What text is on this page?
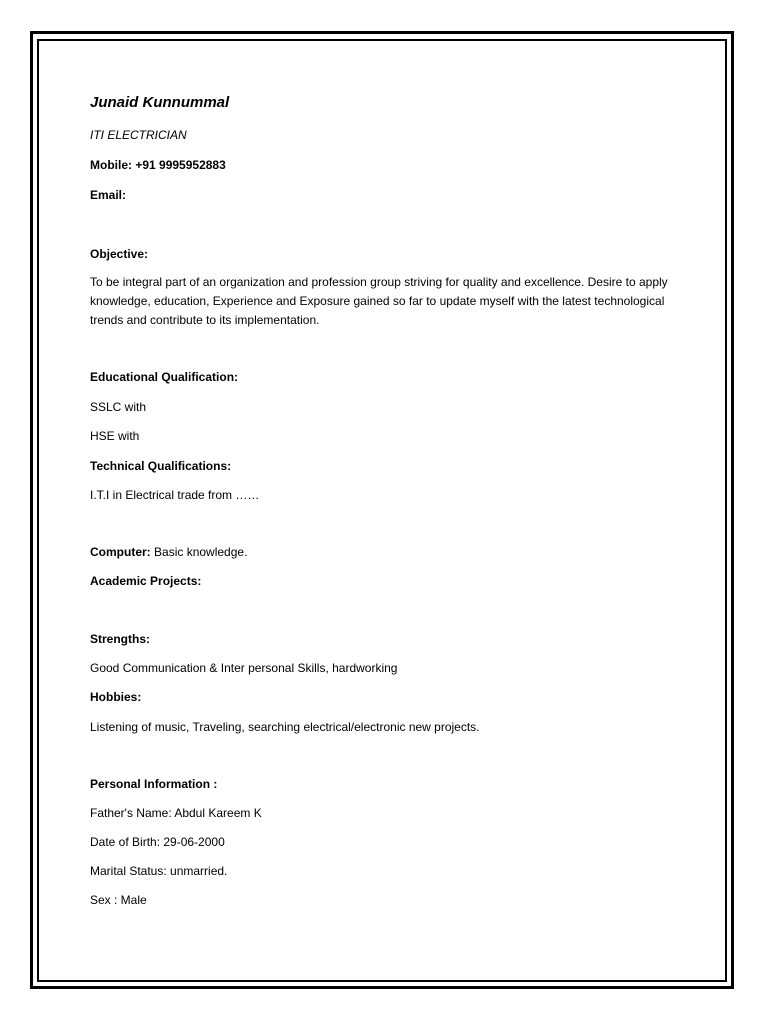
Junaid Kunnummal
ITI ELECTRICIAN
Mobile: +91 9995952883
Email:
Objective:
To be integral part of an organization and profession group striving for quality and excellence. Desire to apply knowledge, education, Experience and Exposure gained so far to update myself with the latest technological trends and contribute to its implementation.
Educational Qualification:
SSLC with
HSE with
Technical Qualifications:
I.T.I in Electrical trade from ……
Computer: Basic knowledge.
Academic Projects:
Strengths:
Good Communication & Inter personal Skills, hardworking
Hobbies:
Listening of music, Traveling, searching electrical/electronic new projects.
Personal Information :
Father's Name: Abdul Kareem K
Date of Birth: 29-06-2000
Marital Status: unmarried.
Sex : Male
